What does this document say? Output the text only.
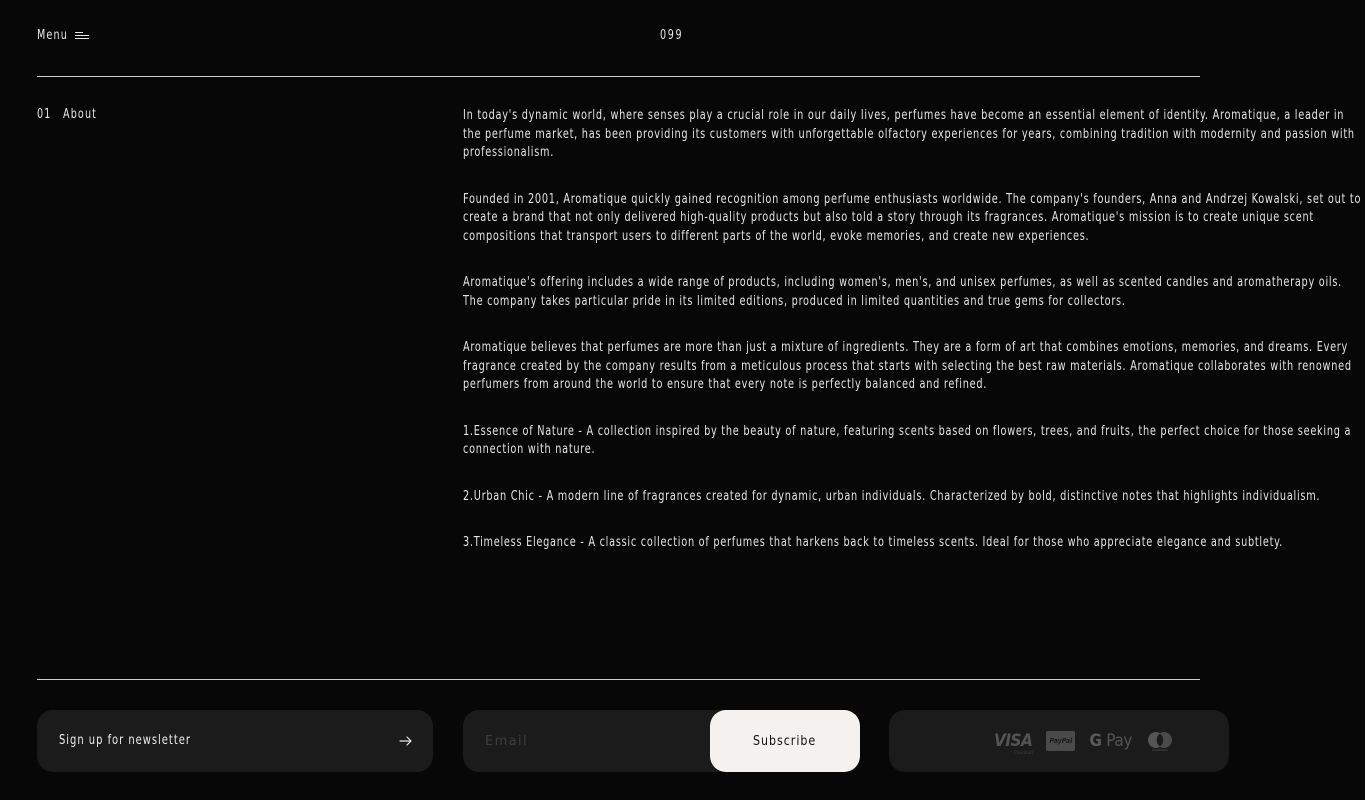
Menu	099
01 About	In today's dynamic world, where senses play a crucial role in our daily lives, perfumes have become an essential element of identity. Aromatique, a leader in the perfume market, has been providing its customers with unforgettable olfactory experiences for years, combining tradition with modernity and passion with professionalism.

Founded in 2001, Aromatique quickly gained recognition among perfume enthusiasts worldwide. The company's founders, Anna and Andrzej Kowalski, set out to create a brand that not only delivered high-quality products but also told a story through its fragrances. Aromatique's mission is to create unique scent compositions that transport users to different parts of the world, evoke memories, and create new experiences.

Aromatique's offering includes a wide range of products, including women's, men's, and unisex perfumes, as well as scented candles and aromatherapy oils. The company takes particular pride in its limited editions, produced in limited quantities and true gems for collectors.

Aromatique believes that perfumes are more than just a mixture of ingredients. They are a form of art that combines emotions, memories, and dreams. Every fragrance created by the company results from a meticulous process that starts with selecting the best raw materials. Aromatique collaborates with renowned perfumers from around the world to ensure that every note is perfectly balanced and refined.

1.Essence of Nature - A collection inspired by the beauty of nature, featuring scents based on flowers, trees, and fruits, the perfect choice for those seeking a connection with nature.

2.Urban Chic - A modern line of fragrances created for dynamic, urban individuals. Characterized by bold, distinctive notes that highlights individualism.

3.Timeless Elegance - A classic collection of perfumes that harkens back to timeless scents. Ideal for those who appreciate elegance and subtlety.

Sign up for newsletter
Email	Subscribe	VISA
Checkout
PayPal G Pay
